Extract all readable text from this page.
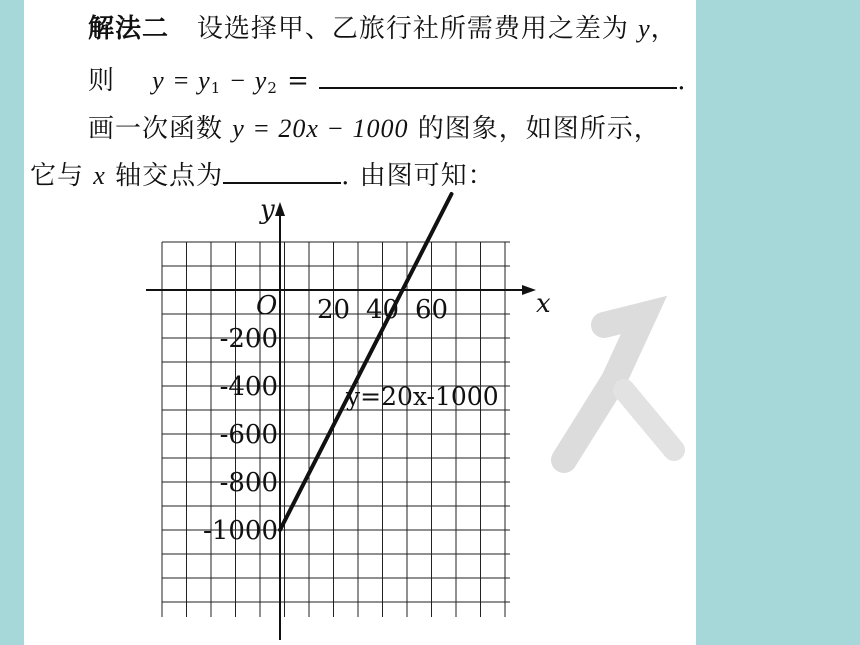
解法二 设选择甲、乙旅行社所需费用之差为 y，
则 $y = y_1 - y_2$ =	.
画一次函数 y = 20x − 1000 的图象，如图所示，
它与 x 轴交点为	. 由图可知：
O	x
y
20 40 60
-200
-400
-600
-800
-1000
y=20x-1000
